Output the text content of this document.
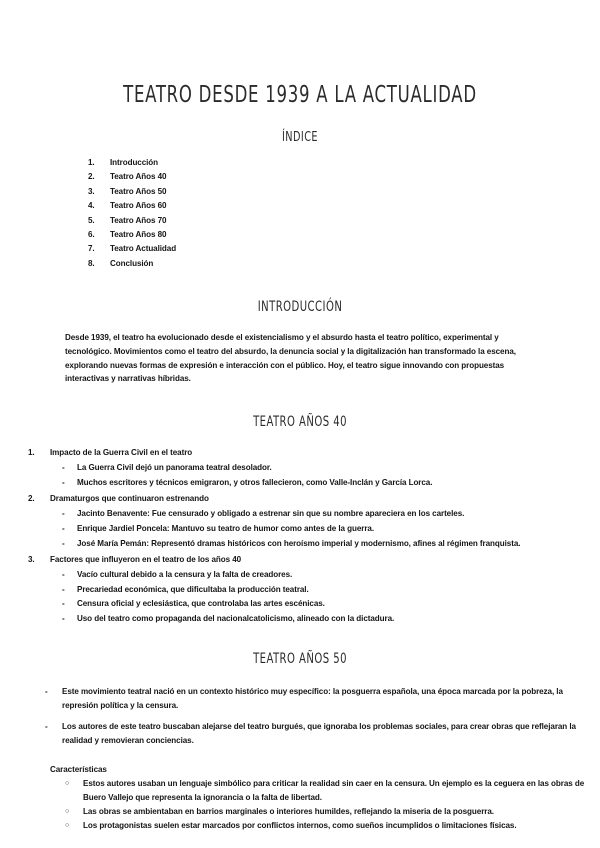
TEATRO DESDE 1939 A LA ACTUALIDAD
ÍNDICE
1.	Introducción
2.	Teatro Años 40
3.	Teatro Años 50
4.	Teatro Años 60
5.	Teatro Años 70
6.	Teatro Años 80
7.	Teatro Actualidad
8.	Conclusión
INTRODUCCIÓN

Desde 1939, el teatro ha evolucionado desde el existencialismo y el absurdo hasta el teatro político, experimental y tecnológico. Movimientos como el teatro del absurdo, la denuncia social y la digitalización han transformado la escena, explorando nuevas formas de expresión e interacción con el público. Hoy, el teatro sigue innovando con propuestas interactivas y narrativas híbridas.

TEATRO AÑOS 40
1.	Impacto de la Guerra Civil en el teatro
-	La Guerra Civil dejó un panorama teatral desolador.
-	Muchos escritores y técnicos emigraron, y otros fallecieron, como Valle-Inclán y García Lorca.
2.	Dramaturgos que continuaron estrenando
-	Jacinto Benavente: Fue censurado y obligado a estrenar sin que su nombre apareciera en los carteles.
-	Enrique Jardiel Poncela: Mantuvo su teatro de humor como antes de la guerra.
-	José María Pemán: Representó dramas históricos con heroísmo imperial y modernismo, afines al régimen franquista.
3.	Factores que influyeron en el teatro de los años 40
-	Vacío cultural debido a la censura y la falta de creadores.
-	Precariedad económica, que dificultaba la producción teatral.
-	Censura oficial y eclesiástica, que controlaba las artes escénicas.
-	Uso del teatro como propaganda del nacionalcatolicismo, alineado con la dictadura.
TEATRO AÑOS 50
-	Este movimiento teatral nació en un contexto histórico muy específico: la posguerra española, una época marcada por la pobreza, la represión política y la censura.
-	Los autores de este teatro buscaban alejarse del teatro burgués, que ignoraba los problemas sociales, para crear obras que reflejaran la realidad y removieran conciencias.
Características
○	Estos autores usaban un lenguaje simbólico para criticar la realidad sin caer en la censura. Un ejemplo es la ceguera en las obras de Buero Vallejo que representa la ignorancia o la falta de libertad.
○	Las obras se ambientaban en barrios marginales o interiores humildes, reflejando la miseria de la posguerra.
○	Los protagonistas suelen estar marcados por conflictos internos, como sueños incumplidos o limitaciones físicas.
